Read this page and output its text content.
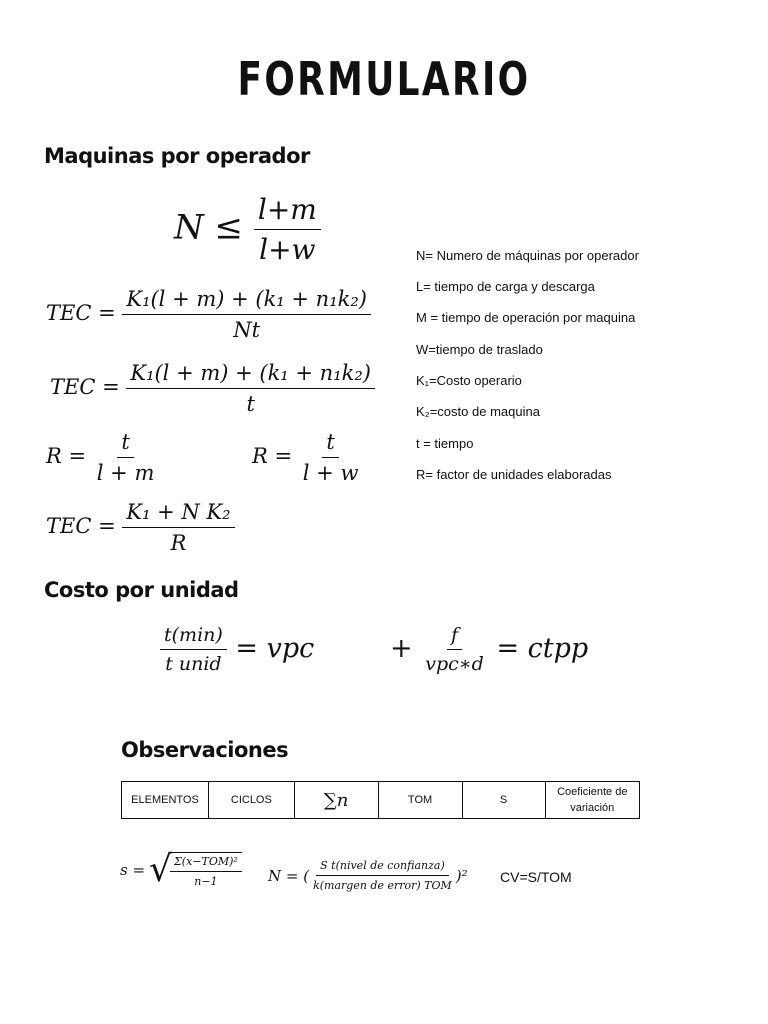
FORMULARIO
Maquinas por operador
$N \le \frac{l+m}{l+w}$
TEC = $\frac{\text{K₁(l + m) + (k₁ + n₁k₂)}}{Nt}$
TEC = $\frac{\text{K₁(l + m) + (k₁ + n₁k₂)}}{t}$
$R = \frac{t}{l + m}$	$R = \frac{t}{l + w}$
TEC = $\frac{\text{K₁ + N K₂}}{R}$
N= Numero de máquinas por operador
L= tiempo de carga y descarga
M = tiempo de operación por maquina
W=tiempo de traslado
K₁=Costo operario
K₂=costo de maquina
t = tiempo
R= factor de unidades elaboradas
Costo por unidad
$\frac{t(\min)}{\text{t unid}}$ = vpc	+ $\frac{f}{\text{vpc∗d}}$ = ctpp
Observaciones
ELEMENTOS	CICLOS	∑n	TOM	S	Coeficiente de variación
s = √
$\frac{\text{Σ(x−TOM)²}}{n-1}$ N = ( $\frac{\text{S t(nivel de confianza)}}{\text{k(margen de error) TOM}} )^2$ CV=S/TOM
